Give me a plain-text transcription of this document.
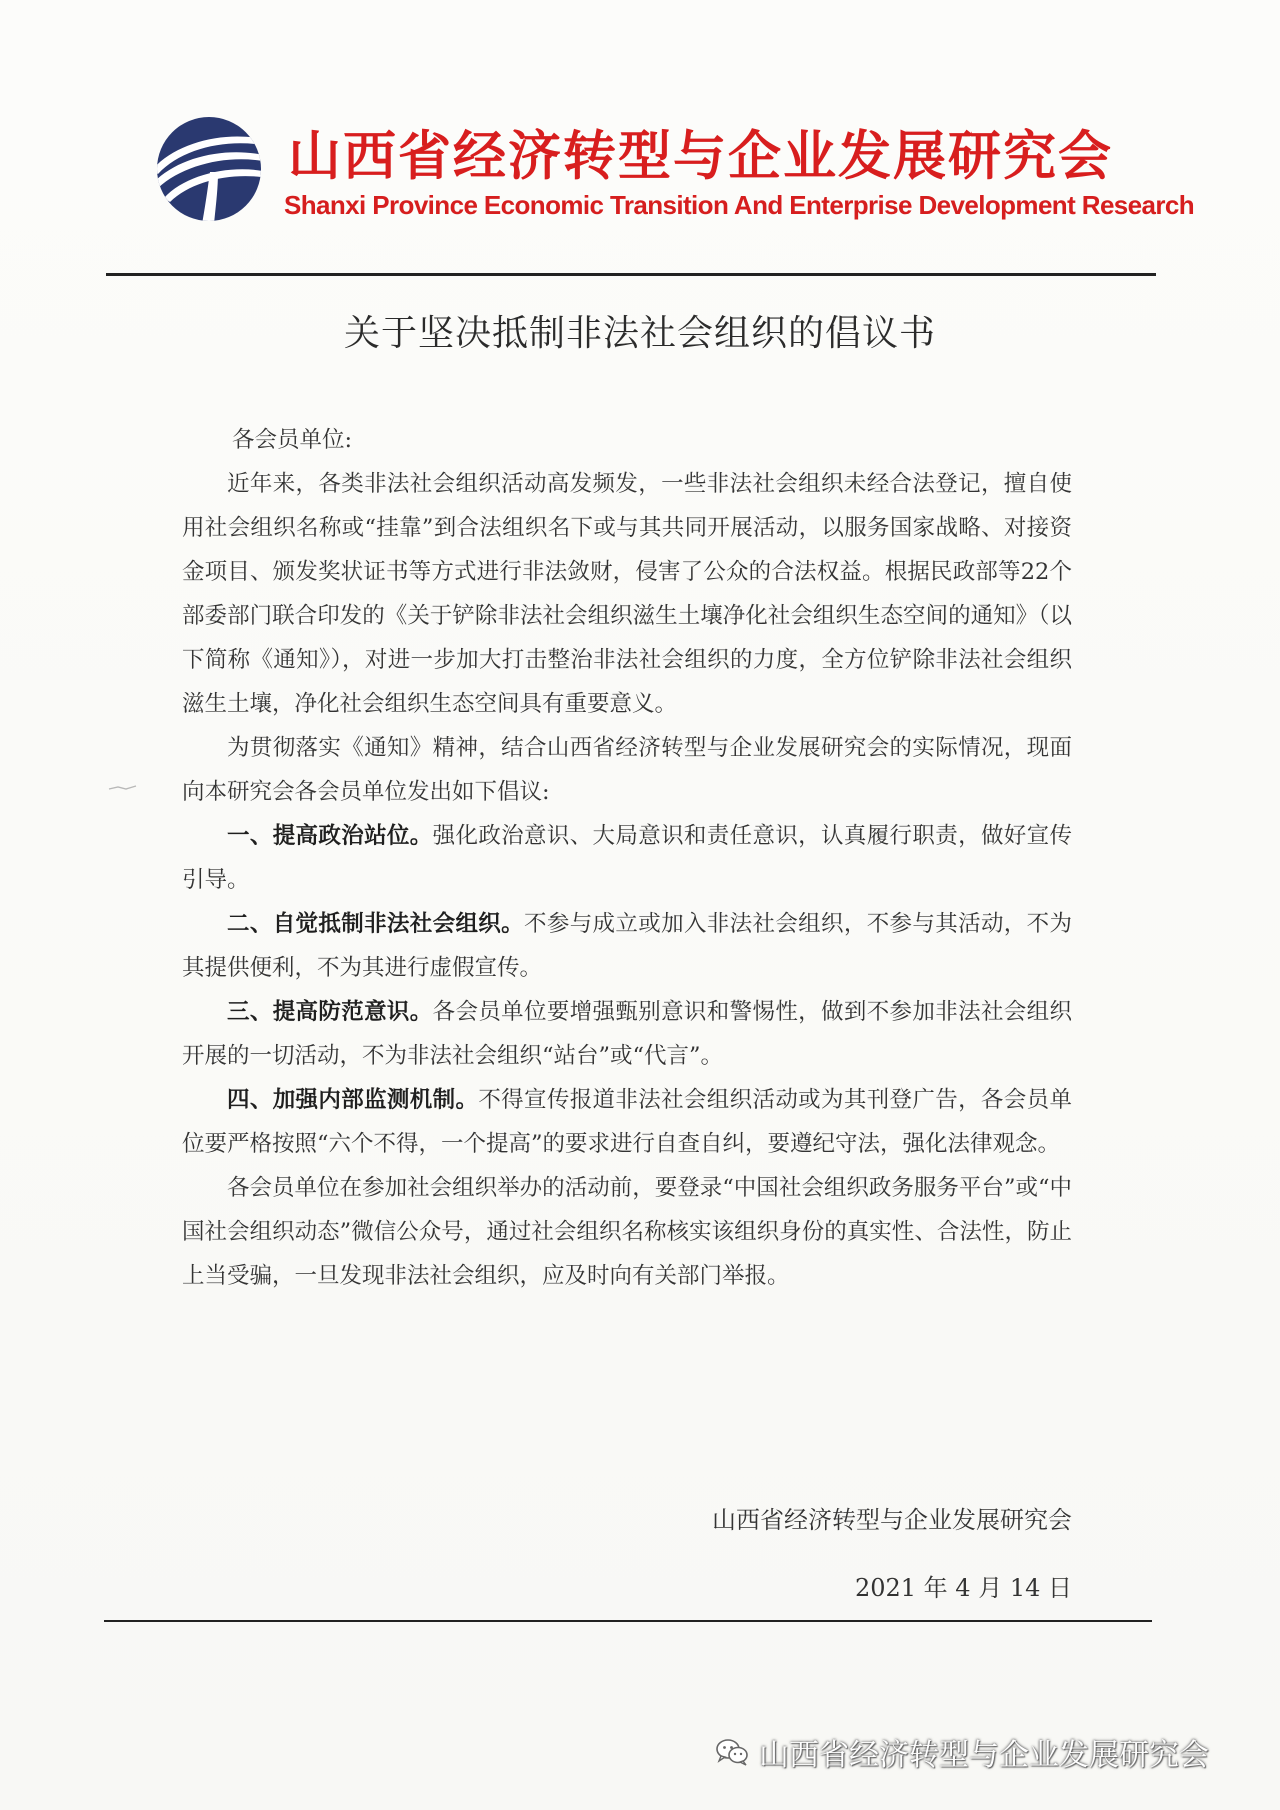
山西省经济转型与企业发展研究会
Shanxi Province Economic Transition And Enterprise Development Research
关于坚决抵制非法社会组织的倡议书

各会员单位:

近年来，各类非法社会组织活动高发频发，一些非法社会组织未经合法登记，擅自使用社会组织名称或“挂靠”到合法组织名下或与其共同开展活动，以服务国家战略、对接资金项目、颁发奖状证书等方式进行非法敛财，侵害了公众的合法权益。根据民政部等22个部委部门联合印发的《关于铲除非法社会组织滋生土壤净化社会组织生态空间的通知》（以下简称《通知》），对进一步加大打击整治非法社会组织的力度，全方位铲除非法社会组织滋生土壤，净化社会组织生态空间具有重要意义。

为贯彻落实《通知》精神，结合山西省经济转型与企业发展研究会的实际情况，现面向本研究会各会员单位发出如下倡议:

一、提高政治站位。强化政治意识、大局意识和责任意识，认真履行职责，做好宣传引导。

二、自觉抵制非法社会组织。不参与成立或加入非法社会组织，不参与其活动，不为其提供便利，不为其进行虚假宣传。

三、提高防范意识。各会员单位要增强甄别意识和警惕性，做到不参加非法社会组织开展的一切活动，不为非法社会组织“站台”或“代言”。

四、加强内部监测机制。不得宣传报道非法社会组织活动或为其刊登广告，各会员单位要严格按照“六个不得，一个提高”的要求进行自查自纠，要遵纪守法，强化法律观念。

各会员单位在参加社会组织举办的活动前，要登录“中国社会组织政务服务平台”或“中国社会组织动态”微信公众号，通过社会组织名称核实该组织身份的真实性、合法性，防止上当受骗，一旦发现非法社会组织，应及时向有关部门举报。

山西省经济转型与企业发展研究会
2021 年 4 月 14 日
山西省经济转型与企业发展研究会
